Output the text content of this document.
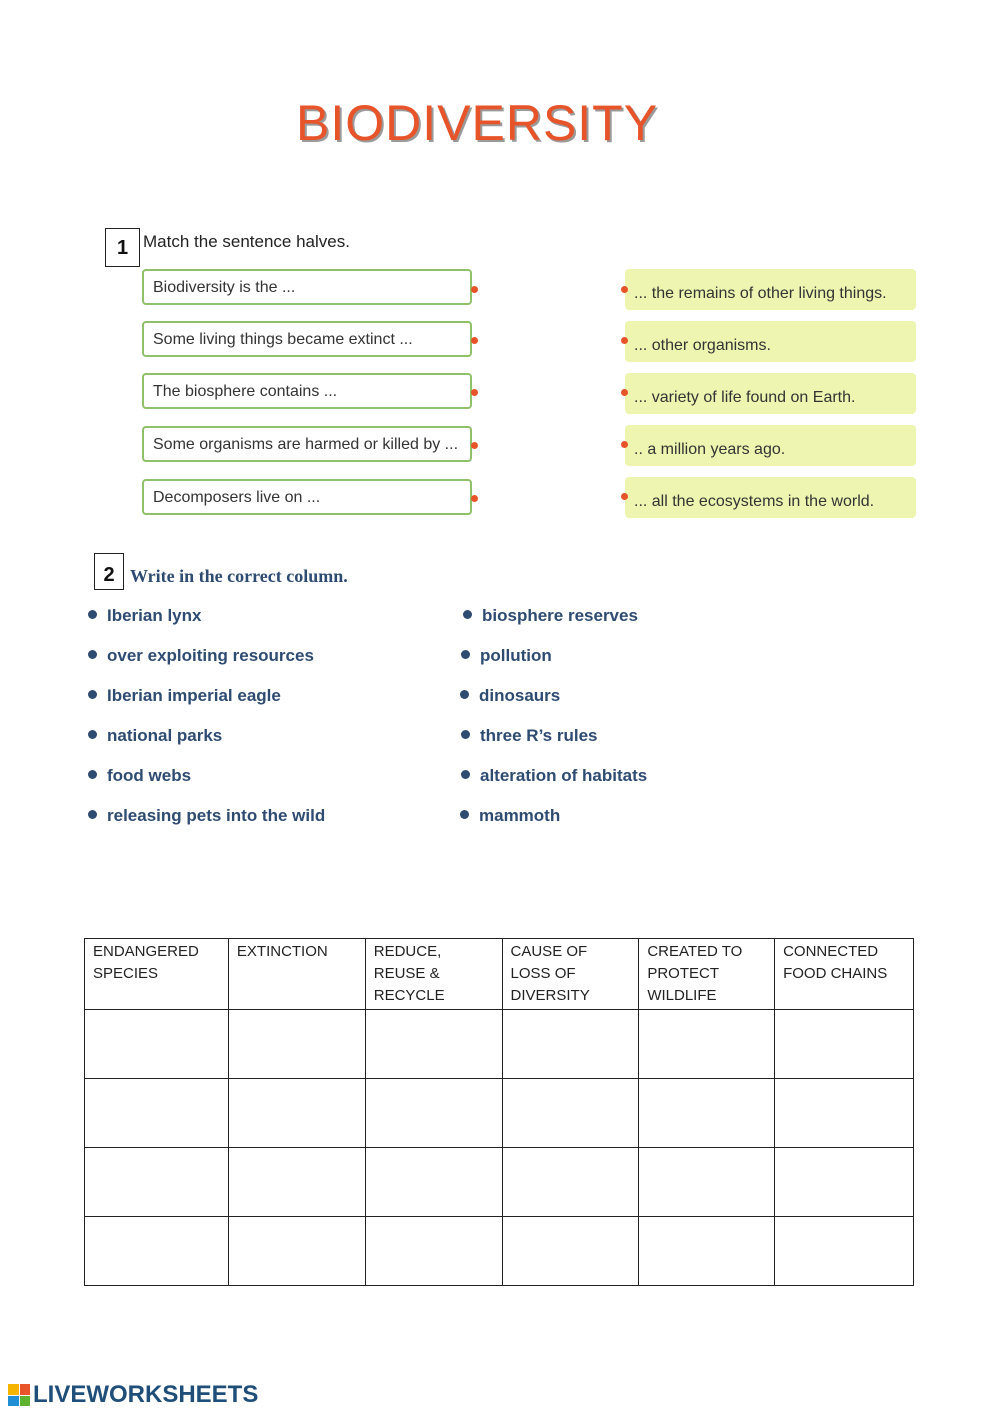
BIODIVERSITY
1 Match the sentence halves.
Biodiversity is the ...
Some living things became extinct ...
The biosphere contains ...
Some organisms are harmed or killed by ...
Decomposers live on ...
... the remains of other living things.
... other organisms.
... variety of life found on Earth.
.. a million years ago.
... all the ecosystems in the world.
2 Write in the correct column.
Iberian lynx
over exploiting resources
Iberian imperial eagle
national parks
food webs
releasing pets into the wild
biosphere reserves
pollution
dinosaurs
three R’s rules
alteration of habitats
mammoth
ENDANGERED SPECIES	EXTINCTION	REDUCE, REUSE & RECYCLE	CAUSE OF LOSS OF DIVERSITY	CREATED TO PROTECT WILDLIFE	CONNECTED FOOD CHAINS

LIVEWORKSHEETS
